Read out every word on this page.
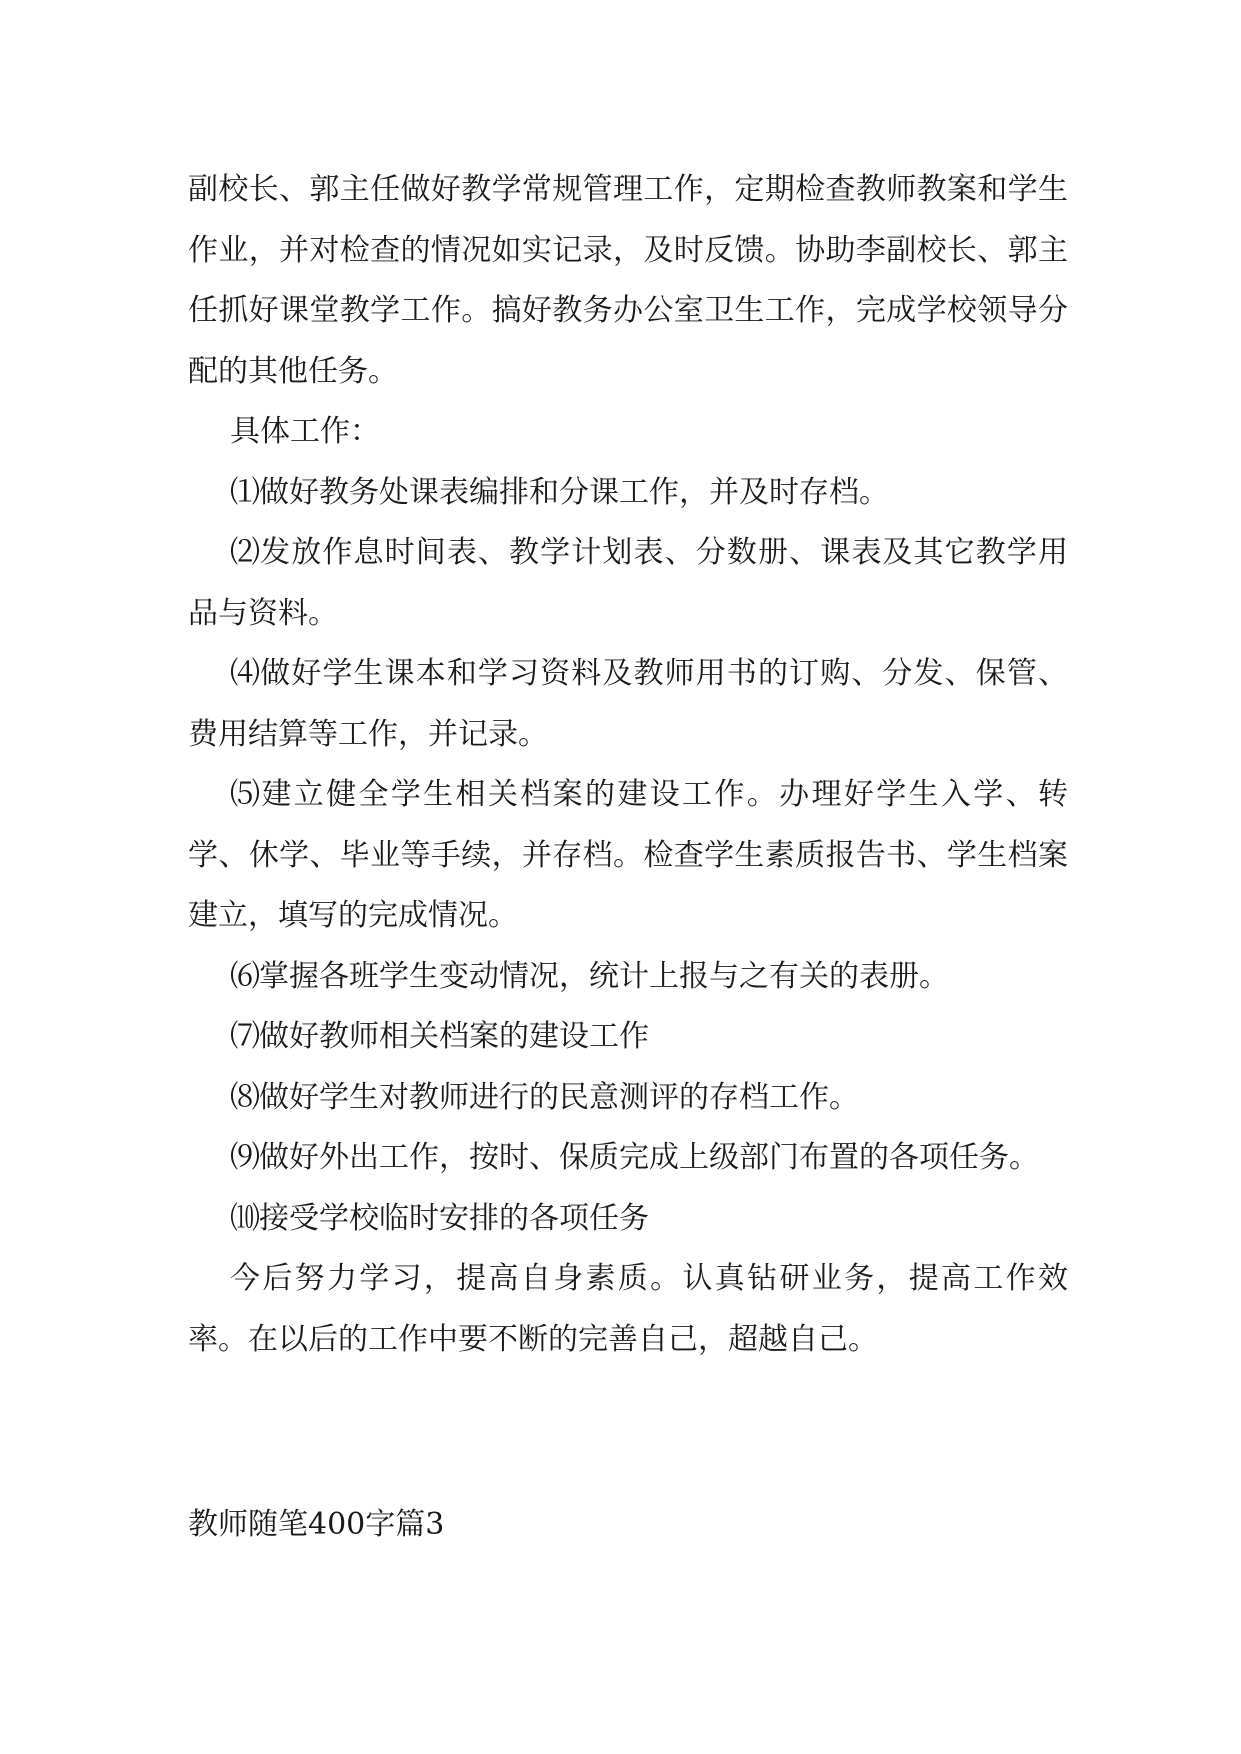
副校长、郭主任做好教学常规管理工作，定期检查教师教案和学生作业，并对检查的情况如实记录，及时反馈。协助李副校长、郭主任抓好课堂教学工作。搞好教务办公室卫生工作，完成学校领导分配的其他任务。

具体工作：

⑴做好教务处课表编排和分课工作，并及时存档。

⑵发放作息时间表、教学计划表、分数册、课表及其它教学用品与资料。

⑷做好学生课本和学习资料及教师用书的订购、分发、保管、费用结算等工作，并记录。

⑸建立健全学生相关档案的建设工作。办理好学生入学、转学、休学、毕业等手续，并存档。检查学生素质报告书、学生档案建立，填写的完成情况。

⑹掌握各班学生变动情况，统计上报与之有关的表册。

⑺做好教师相关档案的建设工作

⑻做好学生对教师进行的民意测评的存档工作。

⑼做好外出工作，按时、保质完成上级部门布置的各项任务。

⑽接受学校临时安排的各项任务

今后努力学习，提高自身素质。认真钻研业务，提高工作效率。在以后的工作中要不断的完善自己，超越自己。

教师随笔400字篇3
